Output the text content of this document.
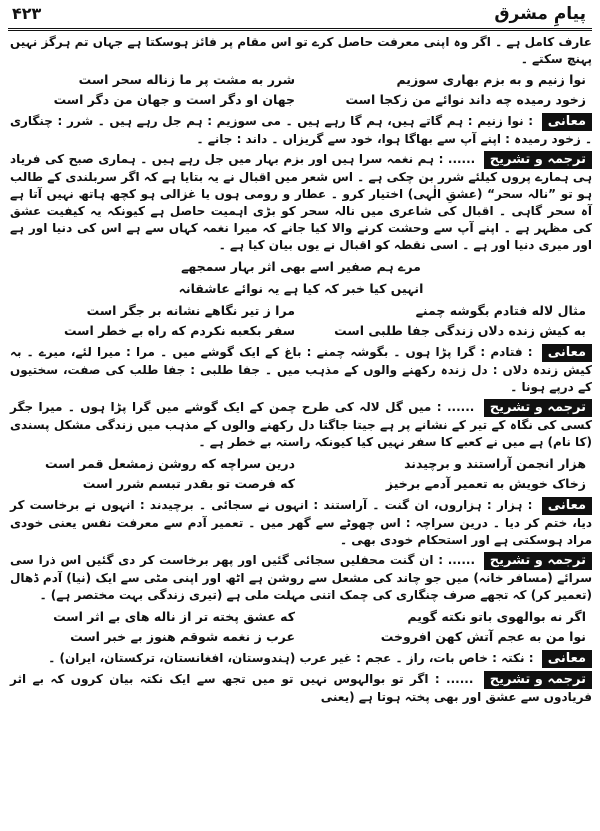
پیامِ مشرق
۴۲۳

عارف کامل ہے ۔ اگر وہ اپنی معرفت حاصل کرے تو اس مقام پر فائز ہوسکتا ہے جہاں تم ہرگز نہیں پہنچ سکتے ۔

نوا زنیم و به بزم بهاری سوزیم	شرر به مشت پر ما زناله سحر است
زخود رمیده چه داند نوائے من زکجا است	جهان او دگر است و جهان من دگر است

معانی : نوا زنیم : ہم گاتے ہیں، ہم گا رہے ہیں ۔ می سوزیم : ہم جل رہے ہیں ۔ شرر : چنگاری ۔ زخود رمیدہ : اپنے آپ سے بھاگا ہوا، خود سے گریزاں ۔ داند : جانے ۔

ترجمہ و تشریح ...... : ہم نغمہ سرا ہیں اور بزم بہار میں جل رہے ہیں ۔ ہماری صبح کی فریاد ہی ہمارے پروں کیلئے شرر بن چکی ہے ۔ اس شعر میں اقبال نے یہ بتایا ہے کہ اگر سربلندی کے طالب ہو تو ”نالہ سحر“ (عشقِ الٰہی) اختیار کرو ۔ عطار و رومی ہوں یا غزالی ہو کچھ ہاتھ نہیں آتا ہے آہ سحر گاہی ۔ اقبال کی شاعری میں نالہ سحر کو بڑی اہمیت حاصل ہے کیونکہ یہ کیفیت عشق کی مظہر ہے ۔ اپنے آپ سے وحشت کرنے والا کیا جانے کہ میرا نغمہ کہاں سے ہے اس کی دنیا اور ہے اور میری دنیا اور ہے ۔ اسی نقطہ کو اقبال نے یوں بیان کیا ہے ۔

مرے ہم صفیر اسے بھی اثر بہار سمجھے
انہیں کیا خبر کہ کیا ہے یہ نوائے عاشقانہ
مثال لاله فتادم بگوشه چمنے	مرا ز تیر نگاهے نشانه بر جگر است
به کیش زنده دلاں زندگی جفا طلبی است	سفر بکعبه نکردم که راه بے خطر است

معانی : فتادم : گرا پڑا ہوں ۔ بگوشہ چمنے : باغ کے ایک گوشے میں ۔ مرا : میرا لئے، میرے ۔ بہ کیش زندہ دلاں : دل زندہ رکھنے والوں کے مذہب میں ۔ جفا طلبی : جفا طلب کی صفت، سختیوں کے درپے ہونا ۔

ترجمہ و تشریح ...... : میں گل لالہ کی طرح چمن کے ایک گوشے میں گرا پڑا ہوں ۔ میرا جگر کسی کی نگاہ کے تیر کے نشانے پر ہے جیتا جاگتا دل رکھنے والوں کے مذہب میں زندگی مشکل پسندی (کا نام) ہے میں نے کعبے کا سفر نہیں کیا کیونکہ راستہ بے خطر ہے ۔

هزار انجمن آراستند و برچیدند	درین سراچه که روشن زمشعل قمر است
زخاک خویش به تعمیر آدمے برخیز	که فرصت تو بقدر تبسم شرر است

معانی : ہزار : ہزاروں، ان گنت ۔ آراستند : انہوں نے سجائی ۔ برچیدند : انہوں نے برخاست کر دیا، ختم کر دیا ۔ درین سراچہ : اس چھوٹے سے گھر میں ۔ تعمیر آدم سے معرفت نفس یعنی خودی مراد ہوسکتی ہے اور استحکام خودی بھی ۔

ترجمہ و تشریح ...... : ان گنت محفلیں سجائی گئیں اور پھر برخاست کر دی گئیں اس ذرا سی سرائے (مسافر خانہ) میں جو چاند کی مشعل سے روشن ہے اٹھ اور اپنی مٹی سے ایک (نیا) آدم ڈھال (تعمیر کر) کہ تجھے صرف چنگاری کی چمک اتنی مہلت ملی ہے (تیری زندگی بہت مختصر ہے) ۔

اگر نه بوالهوی باتو نکته گویم	که عشق پخته تر از ناله های بے اثر است
نوا من به عجم آتش کهن افروخت	عرب ز نغمه شوقم هنوز بے خبر است

معانی : نکتہ : خاص بات، راز ۔ عجم : غیر عرب (ہندوستان، افغانستان، ترکستان، ایران) ۔

ترجمہ و تشریح ...... : اگر تو بوالہوس نہیں تو میں تجھ سے ایک نکتہ بیان کروں کہ بے اثر فریادوں سے عشق اور بھی پختہ ہوتا ہے (یعنی
